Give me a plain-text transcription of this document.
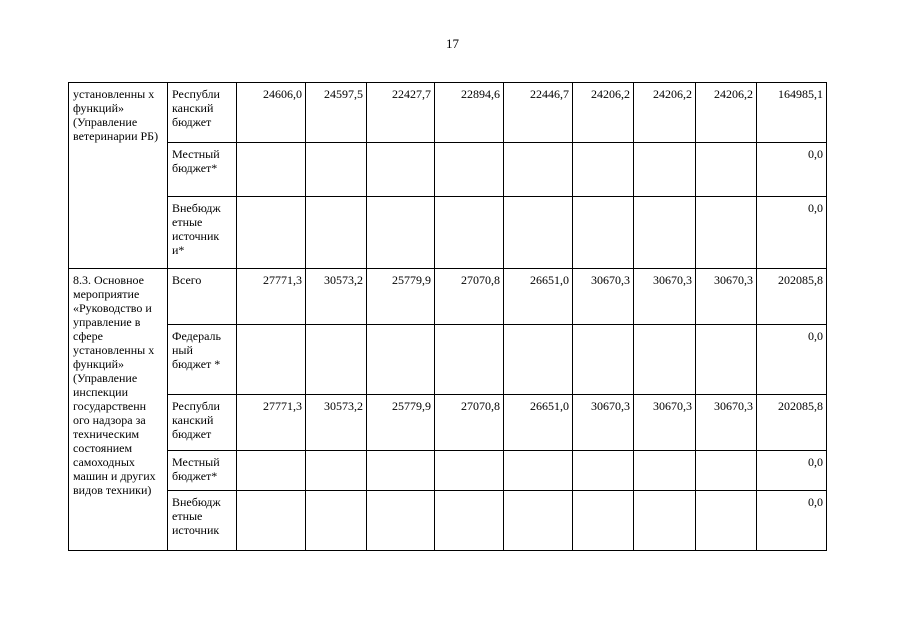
17
установленны х функций» (Управление ветеринарии РБ)	Республи канский бюджет	24606,0	24597,5	22427,7	22894,6	22446,7	24206,2	24206,2	24206,2	164985,1
	Местный бюджет*									0,0
	Внебюдж етные источник и*									0,0
8.3. Основное мероприятие «Руководство и управление в сфере установленны х функций» (Управление инспекции государственн ого надзора за техническим состоянием самоходных машин и других видов техники)	Всего	27771,3	30573,2	25779,9	27070,8	26651,0	30670,3	30670,3	30670,3	202085,8
	Федераль ный бюджет *									0,0
	Республи канский бюджет	27771,3	30573,2	25779,9	27070,8	26651,0	30670,3	30670,3	30670,3	202085,8
	Местный бюджет*									0,0
	Внебюдж етные источник									0,0
